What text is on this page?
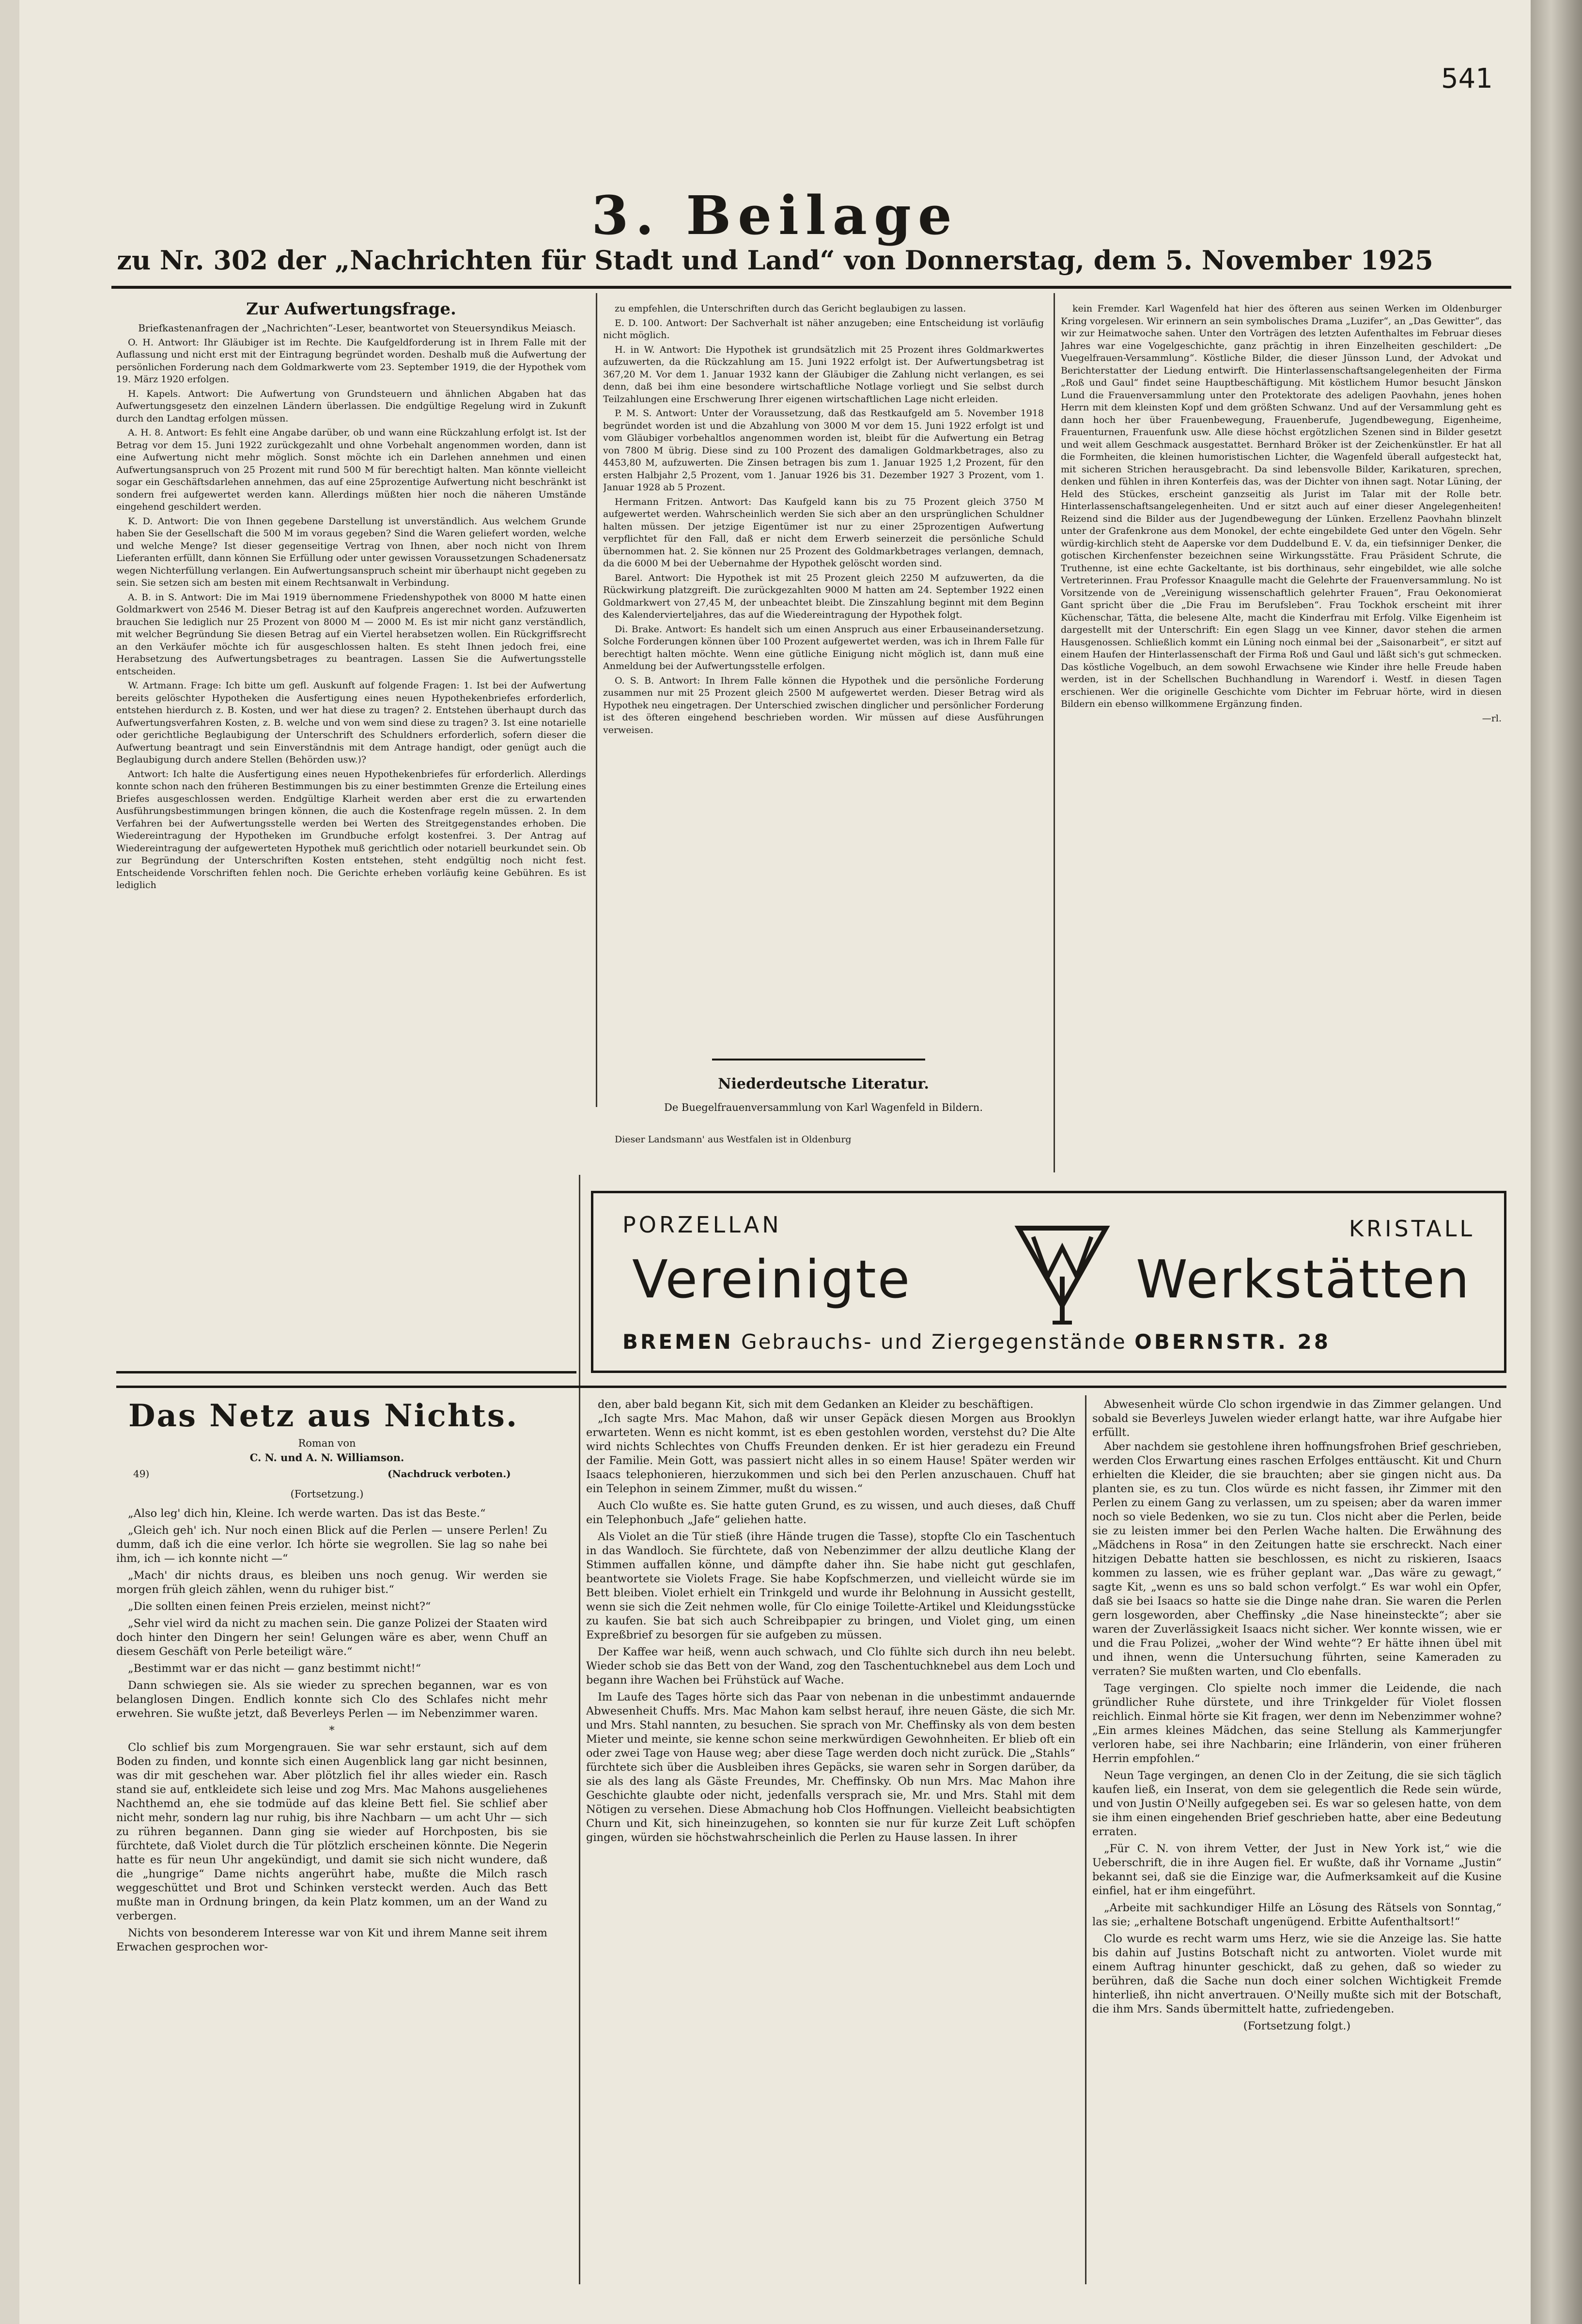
541
3. Beilage
zu Nr. 302 der „Nachrichten für Stadt und Land“ von Donnerstag, dem 5. November 1925
Zur Aufwertungsfrage.

Briefkastenanfragen der „Nachrichten“-Leser, beantwortet von Steuersyndikus Meiasch.

O. H. Antwort: Ihr Gläubiger ist im Rechte. Die Kaufgeldforderung ist in Ihrem Falle mit der Auflassung und nicht erst mit der Eintragung begründet worden. Deshalb muß die Aufwertung der persönlichen Forderung nach dem Goldmarkwerte vom 23. September 1919, die der Hypothek vom 19. März 1920 erfolgen.

H. Kapels. Antwort: Die Aufwertung von Grundsteuern und ähnlichen Abgaben hat das Aufwertungsgesetz den einzelnen Ländern überlassen. Die endgültige Regelung wird in Zukunft durch den Landtag erfolgen müssen.

A. H. 8. Antwort: Es fehlt eine Angabe darüber, ob und wann eine Rückzahlung erfolgt ist. Ist der Betrag vor dem 15. Juni 1922 zurückgezahlt und ohne Vorbehalt angenommen worden, dann ist eine Aufwertung nicht mehr möglich. Sonst möchte ich ein Darlehen annehmen und einen Aufwertungsanspruch von 25 Prozent mit rund 500 M für berechtigt halten. Man könnte vielleicht sogar ein Geschäftsdarlehen annehmen, das auf eine 25prozentige Aufwertung nicht beschränkt ist sondern frei aufgewertet werden kann. Allerdings müßten hier noch die näheren Umstände eingehend geschildert werden.

K. D. Antwort: Die von Ihnen gegebene Darstellung ist unverständlich. Aus welchem Grunde haben Sie der Gesellschaft die 500 M im voraus gegeben? Sind die Waren geliefert worden, welche und welche Menge? Ist dieser gegenseitige Vertrag von Ihnen, aber noch nicht von Ihrem Lieferanten erfüllt, dann können Sie Erfüllung oder unter gewissen Voraussetzungen Schadenersatz wegen Nichterfüllung verlangen. Ein Aufwertungsanspruch scheint mir überhaupt nicht gegeben zu sein. Sie setzen sich am besten mit einem Rechtsanwalt in Verbindung.

A. B. in S. Antwort: Die im Mai 1919 übernommene Friedenshypothek von 8000 M hatte einen Goldmarkwert von 2546 M. Dieser Betrag ist auf den Kaufpreis angerechnet worden. Aufzuwerten brauchen Sie lediglich nur 25 Prozent von 8000 M — 2000 M. Es ist mir nicht ganz verständlich, mit welcher Begründung Sie diesen Betrag auf ein Viertel herabsetzen wollen. Ein Rückgriffsrecht an den Verkäufer möchte ich für ausgeschlossen halten. Es steht Ihnen jedoch frei, eine Herabsetzung des Aufwertungsbetrages zu beantragen. Lassen Sie die Aufwertungsstelle entscheiden.

W. Artmann. Frage: Ich bitte um gefl. Auskunft auf folgende Fragen: 1. Ist bei der Aufwertung bereits gelöschter Hypotheken die Ausfertigung eines neuen Hypothekenbriefes erforderlich, entstehen hierdurch z. B. Kosten, und wer hat diese zu tragen? 2. Entstehen überhaupt durch das Aufwertungsverfahren Kosten, z. B. welche und von wem sind diese zu tragen? 3. Ist eine notarielle oder gerichtliche Beglaubigung der Unterschrift des Schuldners erforderlich, sofern dieser die Aufwertung beantragt und sein Einverständnis mit dem Antrage handigt, oder genügt auch die Beglaubigung durch andere Stellen (Behörden usw.)?

Antwort: Ich halte die Ausfertigung eines neuen Hypothekenbriefes für erforderlich. Allerdings konnte schon nach den früheren Bestimmungen bis zu einer bestimmten Grenze die Erteilung eines Briefes ausgeschlossen werden. Endgültige Klarheit werden aber erst die zu erwartenden Ausführungsbestimmungen bringen können, die auch die Kostenfrage regeln müssen. 2. In dem Verfahren bei der Aufwertungsstelle werden bei Werten des Streitgegenstandes erhoben. Die Wiedereintragung der Hypotheken im Grundbuche erfolgt kostenfrei. 3. Der Antrag auf Wiedereintragung der aufgewerteten Hypothek muß gerichtlich oder notariell beurkundet sein. Ob zur Begründung der Unterschriften Kosten entstehen, steht endgültig noch nicht fest. Entscheidende Vorschriften fehlen noch. Die Gerichte erheben vorläufig keine Gebühren. Es ist lediglich

zu empfehlen, die Unterschriften durch das Gericht beglaubigen zu lassen.

E. D. 100. Antwort: Der Sachverhalt ist näher anzugeben; eine Entscheidung ist vorläufig nicht möglich.

H. in W. Antwort: Die Hypothek ist grundsätzlich mit 25 Prozent ihres Goldmarkwertes aufzuwerten, da die Rückzahlung am 15. Juni 1922 erfolgt ist. Der Aufwertungsbetrag ist 367,20 M. Vor dem 1. Januar 1932 kann der Gläubiger die Zahlung nicht verlangen, es sei denn, daß bei ihm eine besondere wirtschaftliche Notlage vorliegt und Sie selbst durch Teilzahlungen eine Erschwerung Ihrer eigenen wirtschaftlichen Lage nicht erleiden.

P. M. S. Antwort: Unter der Voraussetzung, daß das Restkaufgeld am 5. November 1918 begründet worden ist und die Abzahlung von 3000 M vor dem 15. Juni 1922 erfolgt ist und vom Gläubiger vorbehaltlos angenommen worden ist, bleibt für die Aufwertung ein Betrag von 7800 M übrig. Diese sind zu 100 Prozent des damaligen Goldmarkbetrages, also zu 4453,80 M, aufzuwerten. Die Zinsen betragen bis zum 1. Januar 1925 1,2 Prozent, für den ersten Halbjahr 2,5 Prozent, vom 1. Januar 1926 bis 31. Dezember 1927 3 Prozent, vom 1. Januar 1928 ab 5 Prozent.

Hermann Fritzen. Antwort: Das Kaufgeld kann bis zu 75 Prozent gleich 3750 M aufgewertet werden. Wahrscheinlich werden Sie sich aber an den ursprünglichen Schuldner halten müssen. Der jetzige Eigentümer ist nur zu einer 25prozentigen Aufwertung verpflichtet für den Fall, daß er nicht dem Erwerb seinerzeit die persönliche Schuld übernommen hat. 2. Sie können nur 25 Prozent des Goldmarkbetrages verlangen, demnach, da die 6000 M bei der Uebernahme der Hypothek gelöscht worden sind.

Barel. Antwort: Die Hypothek ist mit 25 Prozent gleich 2250 M aufzuwerten, da die Rückwirkung platzgreift. Die zurückgezahlten 9000 M hatten am 24. September 1922 einen Goldmarkwert von 27,45 M, der unbeachtet bleibt. Die Zinszahlung beginnt mit dem Beginn des Kalendervierteljahres, das auf die Wiedereintragung der Hypothek folgt.

Di. Brake. Antwort: Es handelt sich um einen Anspruch aus einer Erbauseinandersetzung. Solche Forderungen können über 100 Prozent aufgewertet werden, was ich in Ihrem Falle für berechtigt halten möchte. Wenn eine gütliche Einigung nicht möglich ist, dann muß eine Anmeldung bei der Aufwertungsstelle erfolgen.

O. S. B. Antwort: In Ihrem Falle können die Hypothek und die persönliche Forderung zusammen nur mit 25 Prozent gleich 2500 M aufgewertet werden. Dieser Betrag wird als Hypothek neu eingetragen. Der Unterschied zwischen dinglicher und persönlicher Forderung ist des öfteren eingehend beschrieben worden. Wir müssen auf diese Ausführungen verweisen.

Niederdeutsche Literatur.
De Buegelfrauenversammlung von Karl Wagenfeld in Bildern.

Dieser Landsmann' aus Westfalen ist in Oldenburg

kein Fremder. Karl Wagenfeld hat hier des öfteren aus seinen Werken im Oldenburger Kring vorgelesen. Wir erinnern an sein symbolisches Drama „Luzifer“, an „Das Gewitter“, das wir zur Heimatwoche sahen. Unter den Vorträgen des letzten Aufenthaltes im Februar dieses Jahres war eine Vogelgeschichte, ganz prächtig in ihren Einzelheiten geschildert: „De Vuegelfrauen-Versammlung“. Köstliche Bilder, die dieser Jünsson Lund, der Advokat und Berichterstatter der Liedung entwirft. Die Hinterlassenschaftsangelegenheiten der Firma „Roß und Gaul“ findet seine Hauptbeschäftigung. Mit köstlichem Humor besucht Jänskon Lund die Frauenversammlung unter den Protektorate des adeligen Paovhahn, jenes hohen Herrn mit dem kleinsten Kopf und dem größten Schwanz. Und auf der Versammlung geht es dann hoch her über Frauenbewegung, Frauenberufe, Jugendbewegung, Eigenheime, Frauenturnen, Frauenfunk usw. Alle diese höchst ergötzlichen Szenen sind in Bilder gesetzt und weit allem Geschmack ausgestattet. Bernhard Bröker ist der Zeichenkünstler. Er hat all die Formheiten, die kleinen humoristischen Lichter, die Wagenfeld überall aufgesteckt hat, mit sicheren Strichen herausgebracht. Da sind lebensvolle Bilder, Karikaturen, sprechen, denken und fühlen in ihren Konterfeis das, was der Dichter von ihnen sagt. Notar Lüning, der Held des Stückes, erscheint ganzseitig als Jurist im Talar mit der Rolle betr. Hinterlassenschaftsangelegenheiten. Und er sitzt auch auf einer dieser Angelegenheiten! Reizend sind die Bilder aus der Jugendbewegung der Lünken. Erzellenz Paovhahn blinzelt unter der Grafenkrone aus dem Monokel, der echte eingebildete Ged unter den Vögeln. Sehr würdig-kirchlich steht de Aaperske vor dem Duddelbund E. V. da, ein tiefsinniger Denker, die gotischen Kirchenfenster bezeichnen seine Wirkungsstätte. Frau Präsident Schrute, die Truthenne, ist eine echte Gackeltante, ist bis dorthinaus, sehr eingebildet, wie alle solche Vertreterinnen. Frau Professor Knaagulle macht die Gelehrte der Frauenversammlung. No ist Vorsitzende von de „Vereinigung wissenschaftlich gelehrter Frauen“, Frau Oekonomierat Gant spricht über die „Die Frau im Berufsleben“. Frau Tockhok erscheint mit ihrer Küchenschar, Tätta, die belesene Alte, macht die Kinderfrau mit Erfolg. Vilke Eigenheim ist dargestellt mit der Unterschrift: Ein egen Slagg un vee Kinner, davor stehen die armen Hausgenossen. Schließlich kommt ein Lüning noch einmal bei der „Saisonarbeit“, er sitzt auf einem Haufen der Hinterlassenschaft der Firma Roß und Gaul und läßt sich's gut schmecken. Das köstliche Vogelbuch, an dem sowohl Erwachsene wie Kinder ihre helle Freude haben werden, ist in der Schellschen Buchhandlung in Warendorf i. Westf. in diesen Tagen erschienen. Wer die originelle Geschichte vom Dichter im Februar hörte, wird in diesen Bildern ein ebenso willkommene Ergänzung finden.

—rl.

PORZELLAN	KRISTALL
Vereinigte	Werkstätten
BREMEN Gebrauchs- und Ziergegenstände OBERNSTR. 28
Das Netz aus Nichts.
Roman von
C. N. und A. N. Williamson.
49)	(Nachdruck verboten.)
(Fortsetzung.)

„Also leg' dich hin, Kleine. Ich werde warten. Das ist das Beste.“

„Gleich geh' ich. Nur noch einen Blick auf die Perlen — unsere Perlen! Zu dumm, daß ich die eine verlor. Ich hörte sie wegrollen. Sie lag so nahe bei ihm, ich — ich konnte nicht —“

„Mach' dir nichts draus, es bleiben uns noch genug. Wir werden sie morgen früh gleich zählen, wenn du ruhiger bist.“

„Die sollten einen feinen Preis erzielen, meinst nicht?“

„Sehr viel wird da nicht zu machen sein. Die ganze Polizei der Staaten wird doch hinter den Dingern her sein! Gelungen wäre es aber, wenn Chuff an diesem Geschäft von Perle beteiligt wäre.“

„Bestimmt war er das nicht — ganz bestimmt nicht!“

Dann schwiegen sie. Als sie wieder zu sprechen begannen, war es von belanglosen Dingen. Endlich konnte sich Clo des Schlafes nicht mehr erwehren. Sie wußte jetzt, daß Beverleys Perlen — im Nebenzimmer waren.

*

Clo schlief bis zum Morgengrauen. Sie war sehr erstaunt, sich auf dem Boden zu finden, und konnte sich einen Augenblick lang gar nicht besinnen, was dir mit geschehen war. Aber plötzlich fiel ihr alles wieder ein. Rasch stand sie auf, entkleidete sich leise und zog Mrs. Mac Mahons ausgeliehenes Nachthemd an, ehe sie todmüde auf das kleine Bett fiel. Sie schlief aber nicht mehr, sondern lag nur ruhig, bis ihre Nachbarn — um acht Uhr — sich zu rühren begannen. Dann ging sie wieder auf Horchposten, bis sie fürchtete, daß Violet durch die Tür plötzlich erscheinen könnte. Die Negerin hatte es für neun Uhr angekündigt, und damit sie sich nicht wundere, daß die „hungrige“ Dame nichts angerührt habe, mußte die Milch rasch weggeschüttet und Brot und Schinken versteckt werden. Auch das Bett mußte man in Ordnung bringen, da kein Platz kommen, um an der Wand zu verbergen.

Nichts von besonderem Interesse war von Kit und ihrem Manne seit ihrem Erwachen gesprochen wor-

den, aber bald begann Kit, sich mit dem Gedanken an Kleider zu beschäftigen.

„Ich sagte Mrs. Mac Mahon, daß wir unser Gepäck diesen Morgen aus Brooklyn erwarteten. Wenn es nicht kommt, ist es eben gestohlen worden, verstehst du? Die Alte wird nichts Schlechtes von Chuffs Freunden denken. Er ist hier geradezu ein Freund der Familie. Mein Gott, was passiert nicht alles in so einem Hause! Später werden wir Isaacs telephonieren, hierzukommen und sich bei den Perlen anzuschauen. Chuff hat ein Telephon in seinem Zimmer, mußt du wissen.“

Auch Clo wußte es. Sie hatte guten Grund, es zu wissen, und auch dieses, daß Chuff ein Telephonbuch „Jafe“ geliehen hatte.

Als Violet an die Tür stieß (ihre Hände trugen die Tasse), stopfte Clo ein Taschentuch in das Wandloch. Sie fürchtete, daß von Nebenzimmer der allzu deutliche Klang der Stimmen auffallen könne, und dämpfte daher ihn. Sie habe nicht gut geschlafen, beantwortete sie Violets Frage. Sie habe Kopfschmerzen, und vielleicht würde sie im Bett bleiben. Violet erhielt ein Trinkgeld und wurde ihr Belohnung in Aussicht gestellt, wenn sie sich die Zeit nehmen wolle, für Clo einige Toilette-Artikel und Kleidungsstücke zu kaufen. Sie bat sich auch Schreibpapier zu bringen, und Violet ging, um einen Expreßbrief zu besorgen für sie aufgeben zu müssen.

Der Kaffee war heiß, wenn auch schwach, und Clo fühlte sich durch ihn neu belebt. Wieder schob sie das Bett von der Wand, zog den Taschentuchknebel aus dem Loch und begann ihre Wachen bei Frühstück auf Wache.

Im Laufe des Tages hörte sich das Paar von nebenan in die unbestimmt andauernde Abwesenheit Chuffs. Mrs. Mac Mahon kam selbst herauf, ihre neuen Gäste, die sich Mr. und Mrs. Stahl nannten, zu besuchen. Sie sprach von Mr. Cheffinsky als von dem besten Mieter und meinte, sie kenne schon seine merkwürdigen Gewohnheiten. Er blieb oft ein oder zwei Tage von Hause weg; aber diese Tage werden doch nicht zurück. Die „Stahls“ fürchtete sich über die Ausbleiben ihres Gepäcks, sie waren sehr in Sorgen darüber, da sie als des lang als Gäste Freundes, Mr. Cheffinsky. Ob nun Mrs. Mac Mahon ihre Geschichte glaubte oder nicht, jedenfalls versprach sie, Mr. und Mrs. Stahl mit dem Nötigen zu versehen. Diese Abmachung hob Clos Hoffnungen. Vielleicht beabsichtigten Churn und Kit, sich hineinzugehen, so konnten sie nur für kurze Zeit Luft schöpfen gingen, würden sie höchstwahrscheinlich die Perlen zu Hause lassen. In ihrer

Abwesenheit würde Clo schon irgendwie in das Zimmer gelangen. Und sobald sie Beverleys Juwelen wieder erlangt hatte, war ihre Aufgabe hier erfüllt.

Aber nachdem sie gestohlene ihren hoffnungsfrohen Brief geschrieben, werden Clos Erwartung eines raschen Erfolges enttäuscht. Kit und Churn erhielten die Kleider, die sie brauchten; aber sie gingen nicht aus. Da planten sie, es zu tun. Clos würde es nicht fassen, ihr Zimmer mit den Perlen zu einem Gang zu verlassen, um zu speisen; aber da waren immer noch so viele Bedenken, wo sie zu tun. Clos nicht aber die Perlen, beide sie zu leisten immer bei den Perlen Wache halten. Die Erwähnung des „Mädchens in Rosa“ in den Zeitungen hatte sie erschreckt. Nach einer hitzigen Debatte hatten sie beschlossen, es nicht zu riskieren, Isaacs kommen zu lassen, wie es früher geplant war. „Das wäre zu gewagt,“ sagte Kit, „wenn es uns so bald schon verfolgt.“ Es war wohl ein Opfer, daß sie bei Isaacs so hatte sie die Dinge nahe dran. Sie waren die Perlen gern losgeworden, aber Cheffinsky „die Nase hineinsteckte“; aber sie waren der Zuverlässigkeit Isaacs nicht sicher. Wer konnte wissen, wie er und die Frau Polizei, „woher der Wind wehte“? Er hätte ihnen übel mit und ihnen, wenn die Untersuchung führten, seine Kameraden zu verraten? Sie mußten warten, und Clo ebenfalls.

Tage vergingen. Clo spielte noch immer die Leidende, die nach gründlicher Ruhe dürstete, und ihre Trinkgelder für Violet flossen reichlich. Einmal hörte sie Kit fragen, wer denn im Nebenzimmer wohne? „Ein armes kleines Mädchen, das seine Stellung als Kammerjungfer verloren habe, sei ihre Nachbarin; eine Irländerin, von einer früheren Herrin empfohlen.“

Neun Tage vergingen, an denen Clo in der Zeitung, die sie sich täglich kaufen ließ, ein Inserat, von dem sie gelegentlich die Rede sein würde, und von Justin O'Neilly aufgegeben sei. Es war so gelesen hatte, von dem sie ihm einen eingehenden Brief geschrieben hatte, aber eine Bedeutung erraten.

„Für C. N. von ihrem Vetter, der Just in New York ist,“ wie die Ueberschrift, die in ihre Augen fiel. Er wußte, daß ihr Vorname „Justin“ bekannt sei, daß sie die Einzige war, die Aufmerksamkeit auf die Kusine einfiel, hat er ihm eingeführt.

„Arbeite mit sachkundiger Hilfe an Lösung des Rätsels von Sonntag,“ las sie; „erhaltene Botschaft ungenügend. Erbitte Aufenthaltsort!“

Clo wurde es recht warm ums Herz, wie sie die Anzeige las. Sie hatte bis dahin auf Justins Botschaft nicht zu antworten. Violet wurde mit einem Auftrag hinunter geschickt, daß zu gehen, daß so wieder zu berühren, daß die Sache nun doch einer solchen Wichtigkeit Fremde hinterließ, ihn nicht anvertrauen. O'Neilly mußte sich mit der Botschaft, die ihm Mrs. Sands übermittelt hatte, zufriedengeben.

(Fortsetzung folgt.)
